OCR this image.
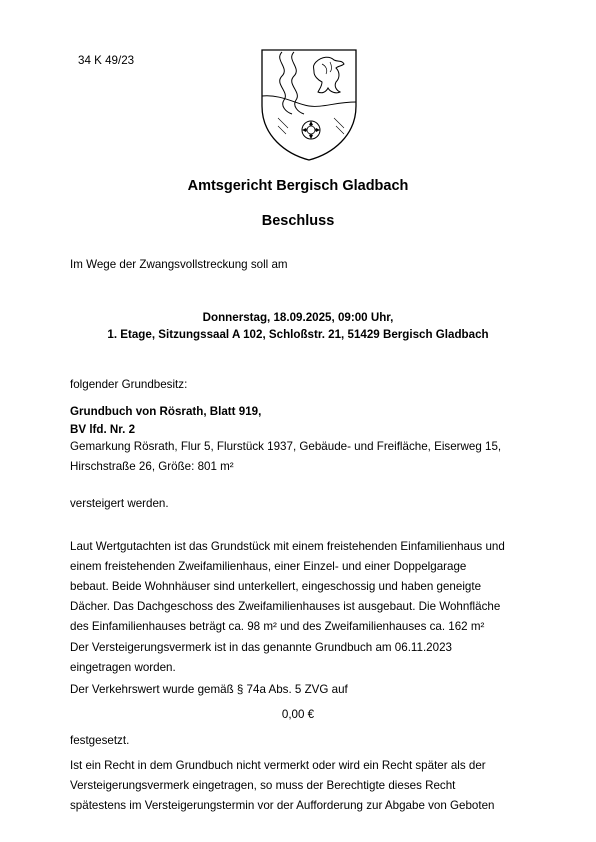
34 K 49/23
Amtsgericht Bergisch Gladbach
Beschluss
Im Wege der Zwangsvollstreckung soll am
Donnerstag, 18.09.2025, 09:00 Uhr,
1. Etage, Sitzungssaal A 102, Schloßstr. 21, 51429 Bergisch Gladbach
folgender Grundbesitz:
Grundbuch von Rösrath, Blatt 919,
BV lfd. Nr. 2
Gemarkung Rösrath, Flur 5, Flurstück 1937, Gebäude- und Freifläche, Eiserweg 15,
Hirschstraße 26, Größe: 801 m²
versteigert werden.
Laut Wertgutachten ist das Grundstück mit einem freistehenden Einfamilienhaus und
einem freistehenden Zweifamilienhaus, einer Einzel- und einer Doppelgarage
bebaut. Beide Wohnhäuser sind unterkellert, eingeschossig und haben geneigte
Dächer. Das Dachgeschoss des Zweifamilienhauses ist ausgebaut. Die Wohnfläche
des Einfamilienhauses beträgt ca. 98 m² und des Zweifamilienhauses ca. 162 m²
Der Versteigerungsvermerk ist in das genannte Grundbuch am 06.11.2023
eingetragen worden.
Der Verkehrswert wurde gemäß § 74a Abs. 5 ZVG auf
0,00 €
festgesetzt.
Ist ein Recht in dem Grundbuch nicht vermerkt oder wird ein Recht später als der
Versteigerungsvermerk eingetragen, so muss der Berechtigte dieses Recht
spätestens im Versteigerungstermin vor der Aufforderung zur Abgabe von Geboten
